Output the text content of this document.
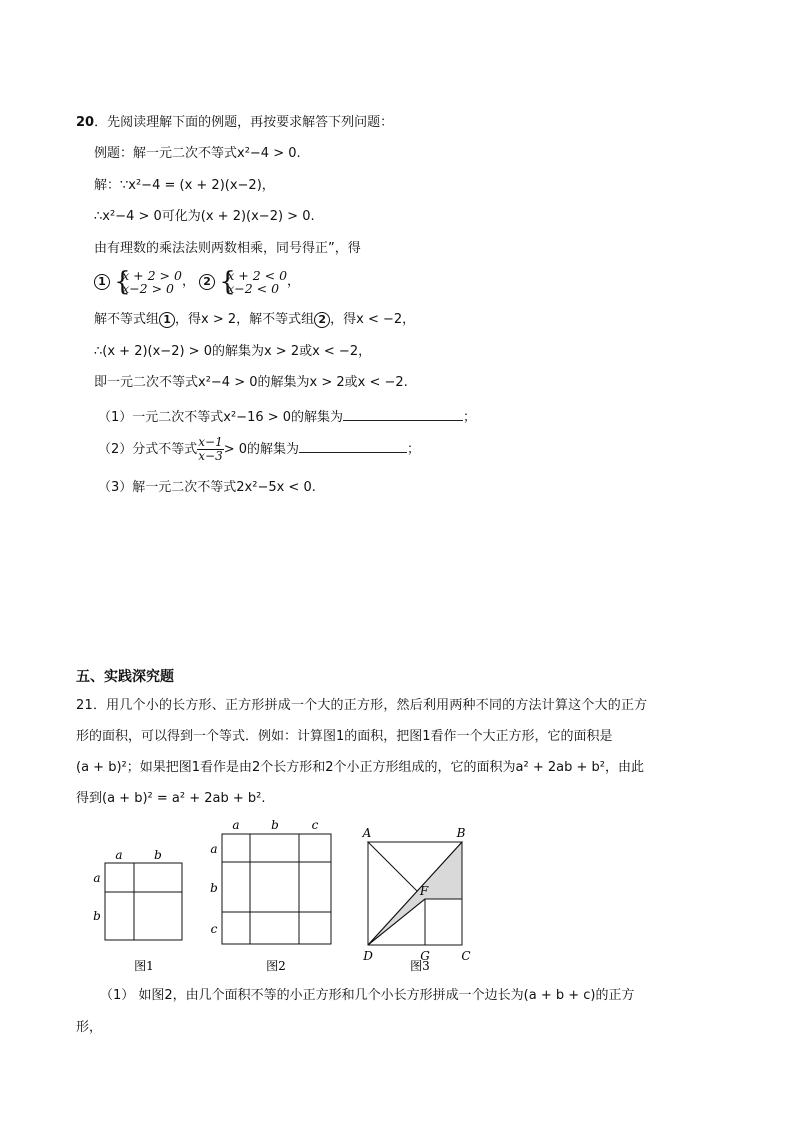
20．先阅读理解下面的例题，再按要求解答下列问题：
例题：解一元二次不等式x²−4 > 0.
解：∵x²−4 = (x + 2)(x−2)，
∴x²−4 > 0可化为(x + 2)(x−2) > 0.
由有理数的乘法法则两数相乘，同号得正”，得
1 {
x + 2 > 0
x−2 > 0 ， 2 {
x + 2 < 0
x−2 < 0 ，
解不等式组 1 ，得x > 2，解不等式组 2 ，得x < −2，
∴(x + 2)(x−2) > 0的解集为x > 2或x < −2，
即一元二次不等式x²−4 > 0的解集为x > 2或x < −2.
（1）一元二次不等式x²−16 > 0的解集为	；
（2）分式不等式 $\frac{x-1}{x-3} > 0$的解集为	；
（3）解一元二次不等式2x²−5x < 0.
五、实践深究题
21．用几个小的长方形、正方形拼成一个大的正方形，然后利用两种不同的方法计算这个大的正方
形的面积，可以得到一个等式．例如：计算图1的面积，把图1看作一个大正方形，它的面积是
(a + b)²；如果把图1看作是由2个长方形和2个小正方形组成的，它的面积为a² + 2ab + b²，由此
得到(a + b)² = a² + 2ab + b².
a	b
a
b
图1
a	b	c
a
b
c
图2
A	B
C
D
F
G
图3
（1） 如图2，由几个面积不等的小正方形和几个小长方形拼成一个边长为(a + b + c)的正方
形，
